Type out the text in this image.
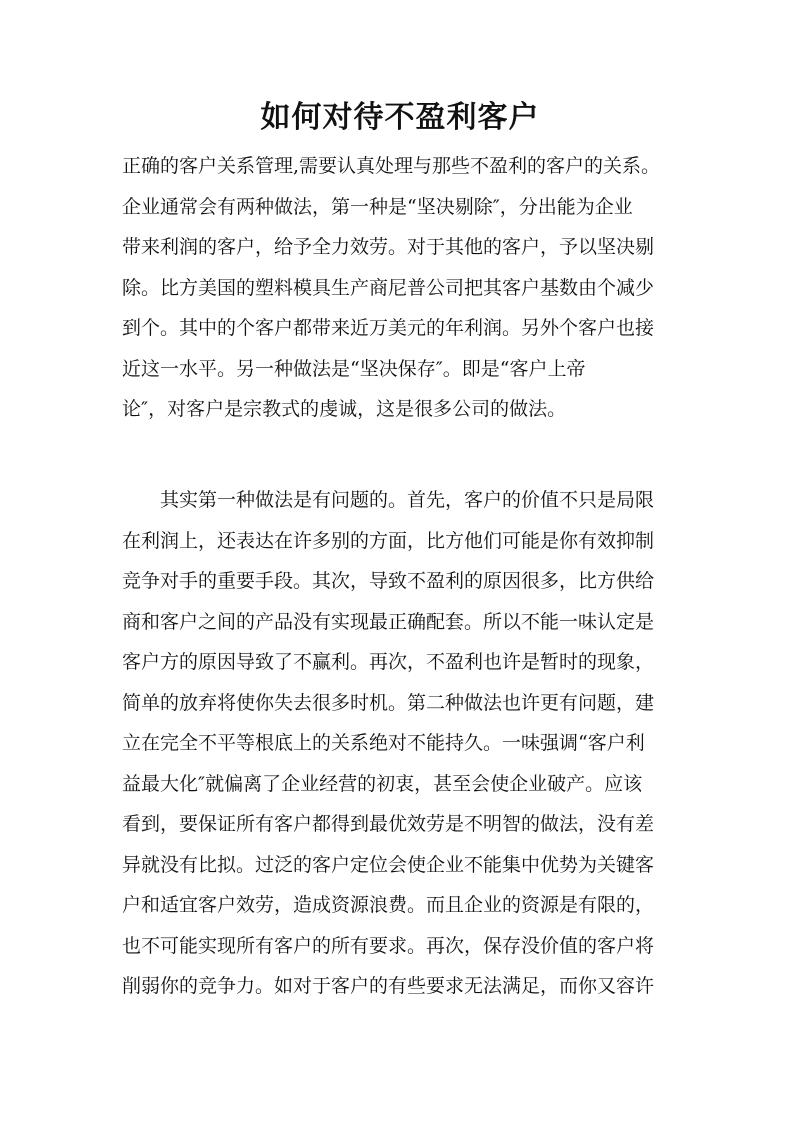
如何对待不盈利客户
正确的客户关系管理,需要认真处理与那些不盈利的客户的关系。
企业通常会有两种做法，第一种是“坚决剔除″，分出能为企业
带来利润的客户，给予全力效劳。对于其他的客户，予以坚决剔
除。比方美国的塑料模具生产商尼普公司把其客户基数由个减少
到个。其中的个客户都带来近万美元的年利润。另外个客户也接
近这一水平。另一种做法是“坚决保存″。即是“客户上帝
论″，对客户是宗教式的虔诚，这是很多公司的做法。
　　其实第一种做法是有问题的。首先，客户的价值不只是局限
在利润上，还表达在许多别的方面，比方他们可能是你有效抑制
竞争对手的重要手段。其次，导致不盈利的原因很多，比方供给
商和客户之间的产品没有实现最正确配套。所以不能一味认定是
客户方的原因导致了不赢利。再次，不盈利也许是暂时的现象，
简单的放弃将使你失去很多时机。第二种做法也许更有问题，建
立在完全不平等根底上的关系绝对不能持久。一味强调“客户利
益最大化″就偏离了企业经营的初衷，甚至会使企业破产。应该
看到，要保证所有客户都得到最优效劳是不明智的做法，没有差
异就没有比拟。过泛的客户定位会使企业不能集中优势为关键客
户和适宜客户效劳，造成资源浪费。而且企业的资源是有限的，
也不可能实现所有客户的所有要求。再次，保存没价值的客户将
削弱你的竞争力。如对于客户的有些要求无法满足，而你又容许
